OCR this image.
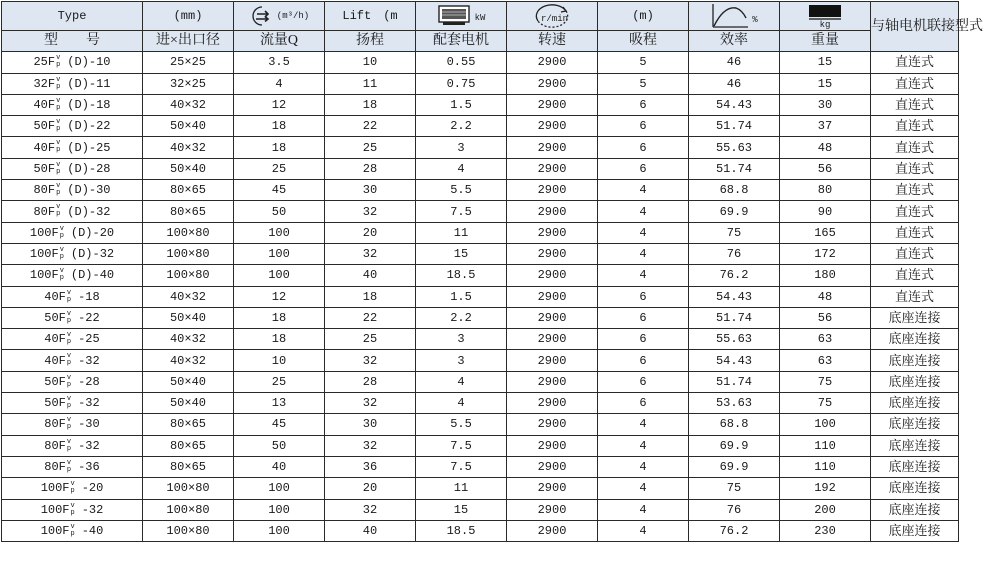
Type	(mm)	(m³/h)	Lift　(m	kW	r/min	(m)	%	kg	与轴电机联接型式
型　　号	进×出口径	流量Q	扬程	配套电机	转速	吸程	效率	重量	
25F v
p (D)-10	25×25	3.5	10	0.55	2900	5	46	15	直连式
32F v
p (D)-11	32×25	4	11	0.75	2900	5	46	15	直连式
40F v
p (D)-18	40×32	12	18	1.5	2900	6	54.43	30	直连式
50F v
p (D)-22	50×40	18	22	2.2	2900	6	51.74	37	直连式
40F v
p (D)-25	40×32	18	25	3	2900	6	55.63	48	直连式
50F v
p (D)-28	50×40	25	28	4	2900	6	51.74	56	直连式
80F v
p (D)-30	80×65	45	30	5.5	2900	4	68.8	80	直连式
80F v
p (D)-32	80×65	50	32	7.5	2900	4	69.9	90	直连式
100F v
p (D)-20	100×80	100	20	11	2900	4	75	165	直连式
100F v
p (D)-32	100×80	100	32	15	2900	4	76	172	直连式
100F v
p (D)-40	100×80	100	40	18.5	2900	4	76.2	180	直连式
40F v
p -18	40×32	12	18	1.5	2900	6	54.43	48	直连式
50F v
p -22	50×40	18	22	2.2	2900	6	51.74	56	底座连接
40F v
p -25	40×32	18	25	3	2900	6	55.63	63	底座连接
40F v
p -32	40×32	10	32	3	2900	6	54.43	63	底座连接
50F v
p -28	50×40	25	28	4	2900	6	51.74	75	底座连接
50F v
p -32	50×40	13	32	4	2900	6	53.63	75	底座连接
80F v
p -30	80×65	45	30	5.5	2900	4	68.8	100	底座连接
80F v
p -32	80×65	50	32	7.5	2900	4	69.9	110	底座连接
80F v
p -36	80×65	40	36	7.5	2900	4	69.9	110	底座连接
100F v
p -20	100×80	100	20	11	2900	4	75	192	底座连接
100F v
p -32	100×80	100	32	15	2900	4	76	200	底座连接
100F v
p -40	100×80	100	40	18.5	2900	4	76.2	230	底座连接
